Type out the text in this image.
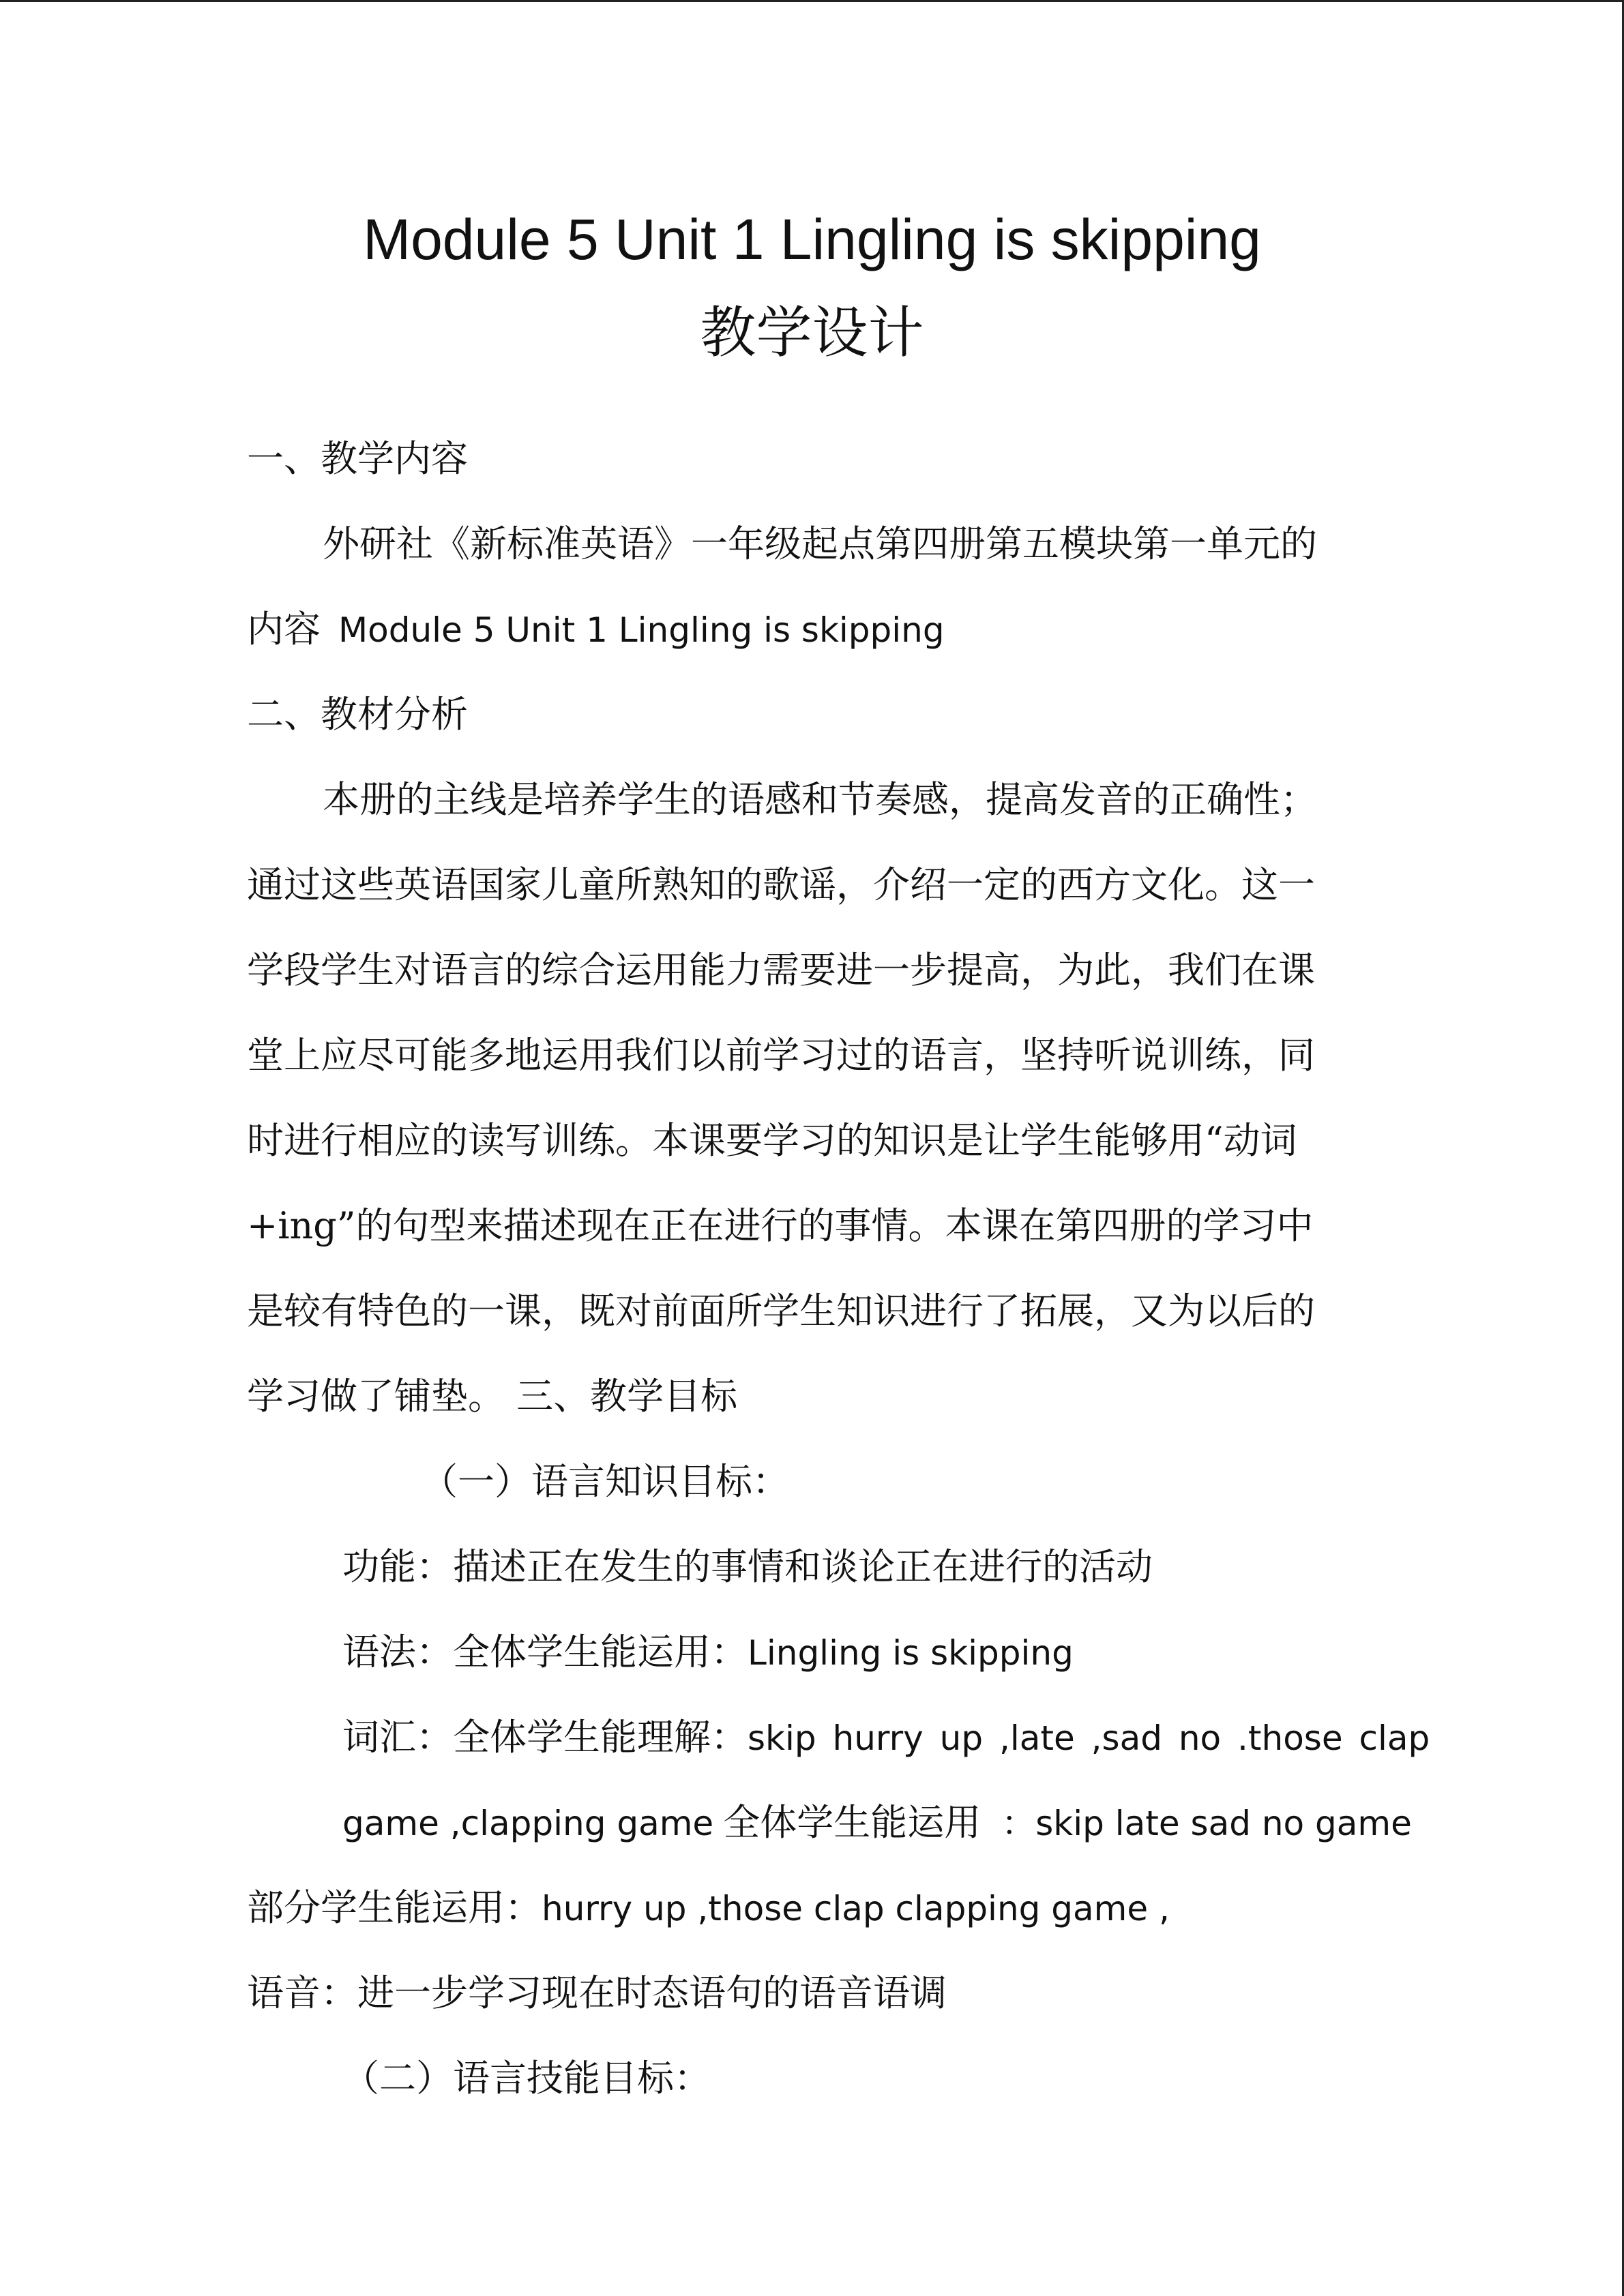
Module 5 Unit 1 Lingling is skipping
教学设计
一、教学内容
外研社《新标准英语》一年级起点第四册第五模块第一单元的
内容 Module 5 Unit 1 Lingling is skipping
二、教材分析
本册的主线是培养学生的语感和节奏感，提高发音的正确性；
通过这些英语国家儿童所熟知的歌谣，介绍一定的西方文化。这一
学段学生对语言的综合运用能力需要进一步提高，为此，我们在课
堂上应尽可能多地运用我们以前学习过的语言，坚持听说训练，同
时进行相应的读写训练。本课要学习的知识是让学生能够用“动词
+ing”的句型来描述现在正在进行的事情。本课在第四册的学习中
是较有特色的一课，既对前面所学生知识进行了拓展，又为以后的
学习做了铺垫。 三、教学目标
（一）语言知识目标：
功能：描述正在发生的事情和谈论正在进行的活动
语法：全体学生能运用：Lingling is skipping
词汇：全体学生能理解：skip hurry up ,late ,sad no .those clap
game ,clapping game 全体学生能运用 ：skip late sad no game
部分学生能运用：hurry up ,those clap clapping game ,
语音：进一步学习现在时态语句的语音语调
（二）语言技能目标：
